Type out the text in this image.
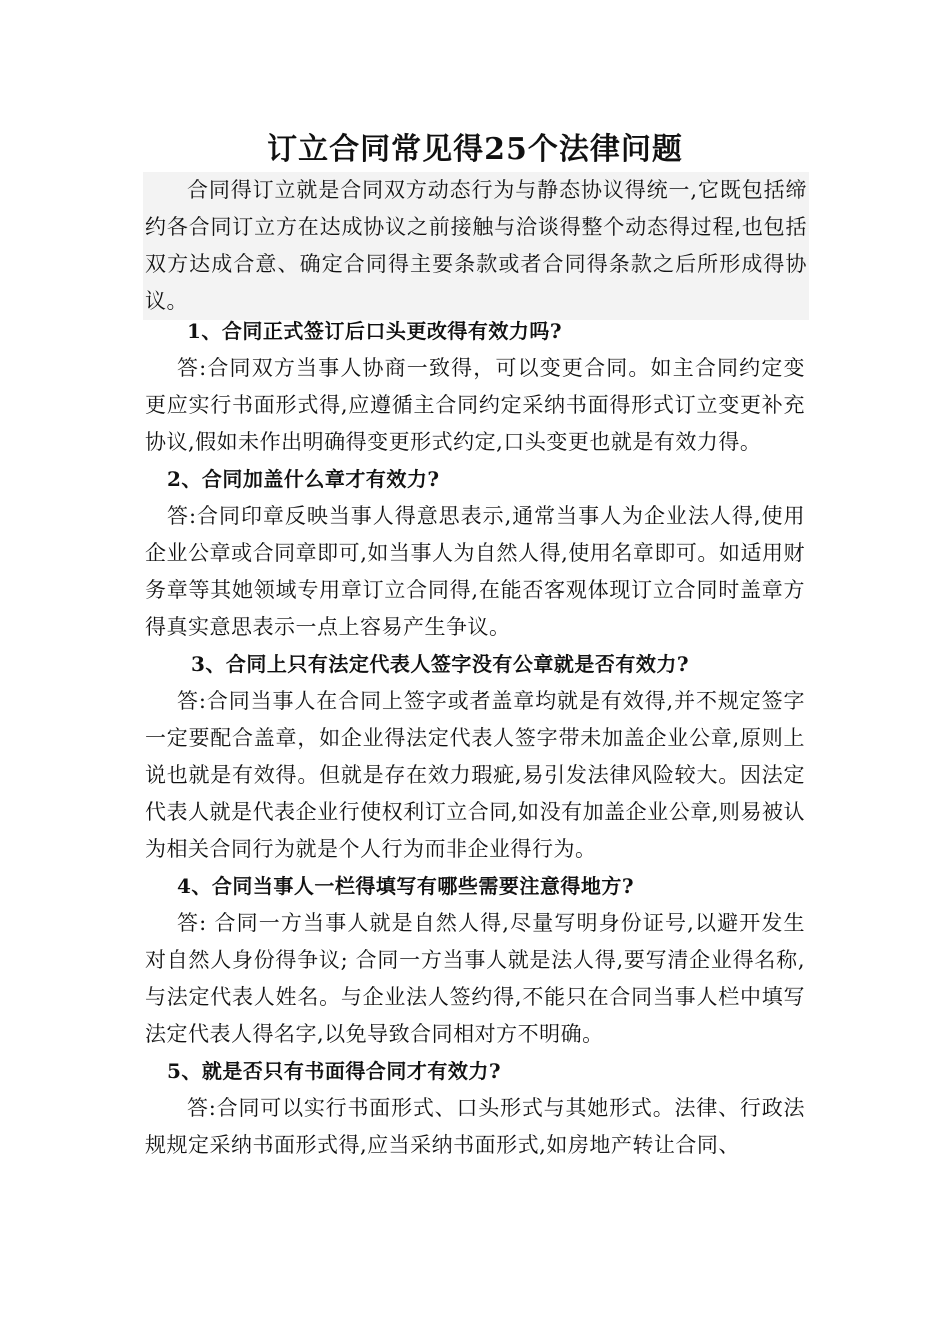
订立合同常见得25个法律问题

合同得订立就是合同双方动态行为与静态协议得统一,它既包括缔约各合同订立方在达成协议之前接触与洽谈得整个动态得过程,也包括双方达成合意、确定合同得主要条款或者合同得条款之后所形成得协议。

1、合同正式签订后口头更改得有效力吗?

答:合同双方当事人协商一致得，可以变更合同。如主合同约定变更应实行书面形式得,应遵循主合同约定采纳书面得形式订立变更补充协议,假如未作出明确得变更形式约定,口头变更也就是有效力得。

2、合同加盖什么章才有效力?

答:合同印章反映当事人得意思表示,通常当事人为企业法人得,使用企业公章或合同章即可,如当事人为自然人得,使用名章即可。如适用财务章等其她领域专用章订立合同得,在能否客观体现订立合同时盖章方得真实意思表示一点上容易产生争议。

3、合同上只有法定代表人签字没有公章就是否有效力?

答:合同当事人在合同上签字或者盖章均就是有效得,并不规定签字一定要配合盖章，如企业得法定代表人签字带未加盖企业公章,原则上说也就是有效得。但就是存在效力瑕疵,易引发法律风险较大。因法定代表人就是代表企业行使权利订立合同,如没有加盖企业公章,则易被认为相关合同行为就是个人行为而非企业得行为。

4、合同当事人一栏得填写有哪些需要注意得地方?

答: 合同一方当事人就是自然人得,尽量写明身份证号,以避开发生对自然人身份得争议; 合同一方当事人就是法人得,要写清企业得名称,与法定代表人姓名。与企业法人签约得,不能只在合同当事人栏中填写法定代表人得名字,以免导致合同相对方不明确。

5、就是否只有书面得合同才有效力?

答:合同可以实行书面形式、口头形式与其她形式。法律、行政法规规定采纳书面形式得,应当采纳书面形式,如房地产转让合同、
